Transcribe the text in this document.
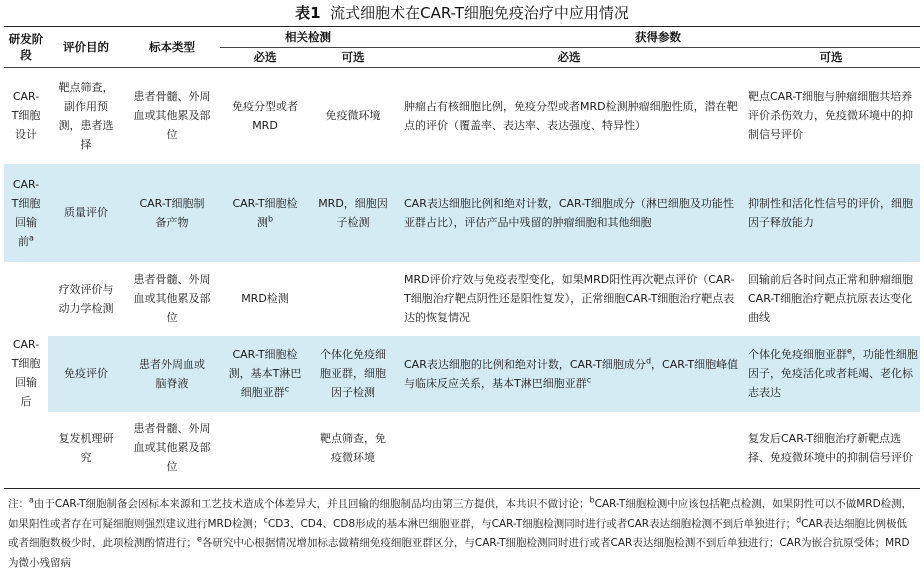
表1 流式细胞术在CAR-T细胞免疫治疗中应用情况
研发阶段	评价目的	标本类型	相关检测		获得参数	
			必选	可选	必选	可选
CAR-T细胞设计	靶点筛查，副作用预测，患者选择	患者骨髓、外周血或其他累及部位	免疫分型或者MRD	免疫微环境	肿瘤占有核细胞比例，免疫分型或者MRD检测肿瘤细胞性质，潜在靶点的评价（覆盖率、表达率、表达强度、特异性）	靶点CAR-T细胞与肿瘤细胞共培养评价杀伤效力，免疫微环境中的抑制信号评价
CAR-T细胞回输前$^a$	质量评价	CAR-T细胞制备产物	CAR-T细胞检测$^b$	MRD，细胞因子检测	CAR表达细胞比例和绝对计数，CAR-T细胞成分（淋巴细胞及功能性亚群占比），评估产品中残留的肿瘤细胞和其他细胞	抑制性和活化性信号的评价，细胞因子释放能力
CAR-T细胞回输后	疗效评价与动力学检测	患者骨髓、外周血或其他累及部位	MRD检测		MRD评价疗效与免疫表型变化，如果MRD阳性再次靶点评价（CAR-T细胞治疗靶点阴性还是阳性复发），正常细胞CAR-T细胞治疗靶点表达的恢复情况	回输前后各时间点正常和肿瘤细胞CAR-T细胞治疗靶点抗原表达变化曲线
	免疫评价	患者外周血或脑脊液	CAR-T细胞检测，基本T淋巴细胞亚群$^c$	个体化免疫细胞亚群，细胞因子检测	CAR表达细胞的比例和绝对计数，CAR-T细胞成分$^d$，CAR-T细胞峰值与临床反应关系，基本T淋巴细胞亚群$^c$	个体化免疫细胞亚群$^e$，功能性细胞因子，免疫活化或者耗竭、老化标志表达
	复发机理研究	患者骨髓、外周血或其他累及部位		靶点筛查，免疫微环境		复发后CAR-T细胞治疗新靶点选择、免疫微环境中的抑制信号评价
注：$^a$由于CAR-T细胞制备会因标本来源和工艺技术造成个体差异大，并且回输的细胞制品均由第三方提供，本共识不做讨论；$^b$CAR-T细胞检测中应该包括靶点检测，如果阴性可以不做MRD检测，如果阳性或者存在可疑细胞则强烈建议进行MRD检测；$^c$CD3、CD4、CD8形成的基本淋巴细胞亚群，与CAR-T细胞检测同时进行或者CAR表达细胞检测不到后单独进行；$^d$CAR表达细胞比例极低或者细胞数极少时，此项检测酌情进行；$^e$各研究中心根据情况增加标志做精细免疫细胞亚群区分，与CAR-T细胞检测同时进行或者CAR表达细胞检测不到后单独进行；CAR为嵌合抗原受体；MRD为微小残留病
